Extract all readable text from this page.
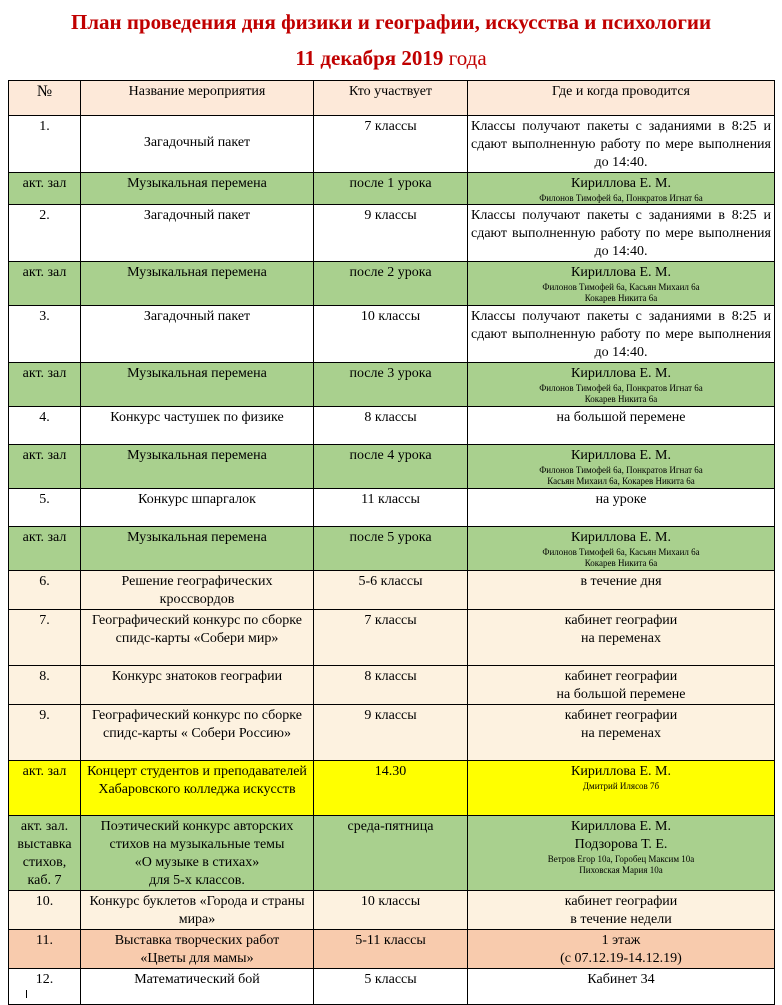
План проведения дня физики и географии, искусства и психологии
11 декабря 2019 года
№	Название мероприятия	Кто участвует	Где и когда проводится
1.	Загадочный пакет	7 классы	Классы получают пакеты с заданиями в 8:25 и сдают выполненную работу по мере выполнения до 14:40.
акт. зал	Музыкальная перемена	после 1 урока	Кириллова Е. М.
Филонов Тимофей 6а, Понкратов Игнат 6а

2.	Загадочный пакет	9 классы	Классы получают пакеты с заданиями в 8:25 и сдают выполненную работу по мере выполнения до 14:40.
акт. зал	Музыкальная перемена	после 2 урока	Кириллова Е. М.
Филонов Тимофей 6а, Касьян Михаил 6а
Кокарев Никита 6а

3.	Загадочный пакет	10 классы	Классы получают пакеты с заданиями в 8:25 и сдают выполненную работу по мере выполнения до 14:40.
акт. зал	Музыкальная перемена	после 3 урока	Кириллова Е. М.
Филонов Тимофей 6а, Понкратов Игнат 6а
Кокарев Никита 6а

4.	Конкурс частушек по физике	8 классы	на большой перемене
акт. зал	Музыкальная перемена	после 4 урока	Кириллова Е. М.
Филонов Тимофей 6а, Понкратов Игнат 6а
Касьян Михаил 6а, Кокарев Никита 6а

5.	Конкурс шпаргалок	11 классы	на уроке
акт. зал	Музыкальная перемена	после 5 урока	Кириллова Е. М.
Филонов Тимофей 6а, Касьян Михаил 6а
Кокарев Никита 6а

6.	Решение географических кроссвордов	5-6 классы	в течение дня
7.	Географический конкурс по сборке спидс-карты «Собери мир»	7 классы	кабинет географии
на переменах
8.	Конкурс знатоков географии	8 классы	кабинет географии
на большой перемене
9.	Географический конкурс по сборке спидс-карты « Собери Россию»	9 классы	кабинет географии
на переменах
акт. зал	Концерт студентов и преподавателей Хабаровского колледжа искусств	14.30	Кириллова Е. М.
Дмитрий Илясов 7б

акт. зал. выставка стихов, каб. 7	Поэтический конкурс авторских стихов на музыкальные темы
«О музыке в стихах»
для 5-х классов.	среда-пятница	Кириллова Е. М.
Подзорова Т. Е.
Ветров Егор 10а, Горобец Максим 10а
Пиховская Мария 10а

10.	Конкурс буклетов «Города и страны мира»	10 классы	кабинет географии
в течение недели
11.	Выставка творческих работ
«Цветы для мамы»	5-11 классы	1 этаж
(с 07.12.19-14.12.19)
12.	Математический бой	5 классы	Кабинет 34
